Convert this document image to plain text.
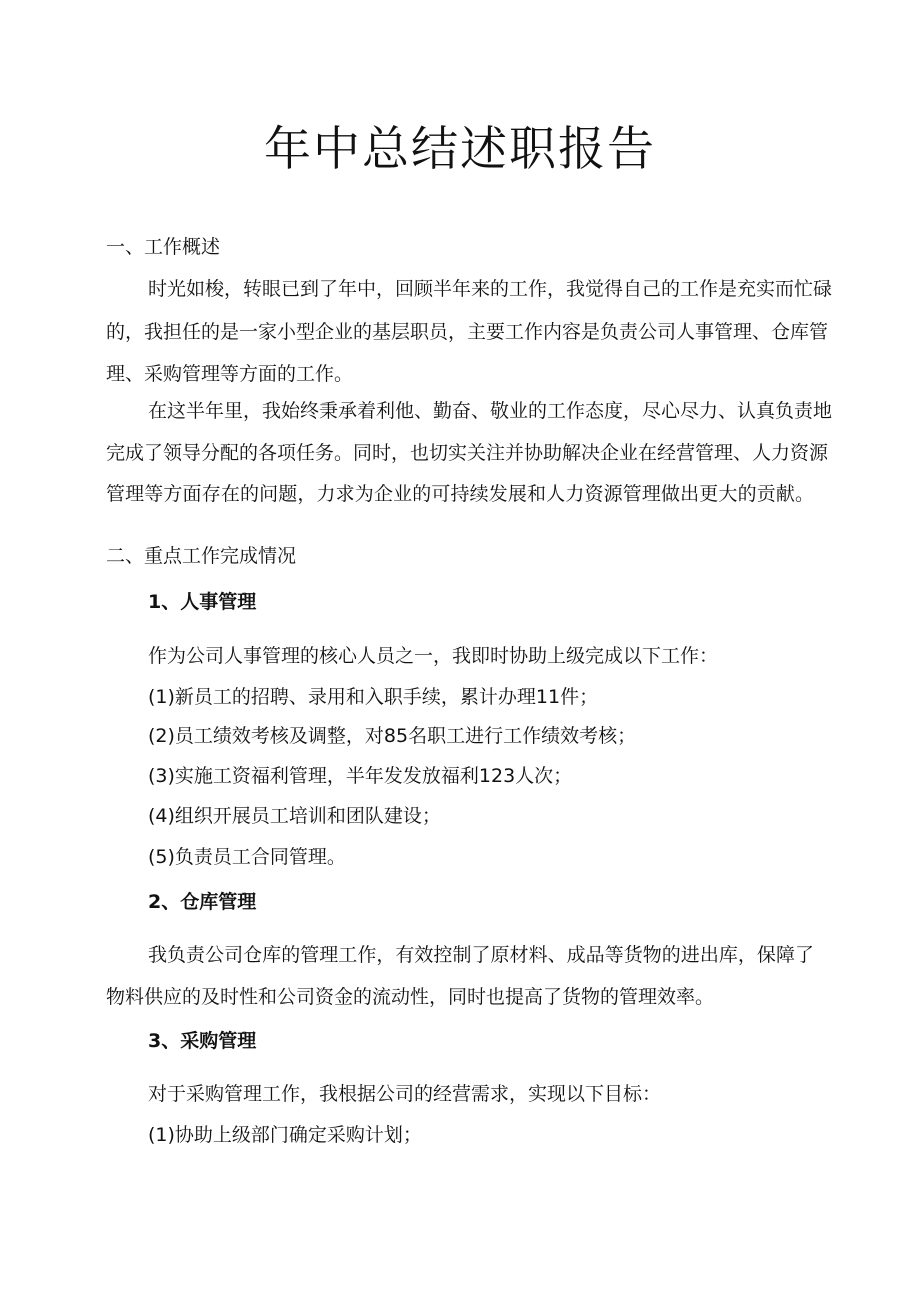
年中总结述职报告

一、工作概述

时光如梭，转眼已到了年中，回顾半年来的工作，我觉得自己的工作是充实而忙碌

的，我担任的是一家小型企业的基层职员，主要工作内容是负责公司人事管理、仓库管

理、采购管理等方面的工作。

在这半年里，我始终秉承着利他、勤奋、敬业的工作态度，尽心尽力、认真负责地

完成了领导分配的各项任务。同时，也切实关注并协助解决企业在经营管理、人力资源

管理等方面存在的问题，力求为企业的可持续发展和人力资源管理做出更大的贡献。

二、重点工作完成情况

1、人事管理

作为公司人事管理的核心人员之一，我即时协助上级完成以下工作：

(1)新员工的招聘、录用和入职手续，累计办理11件；

(2)员工绩效考核及调整，对85名职工进行工作绩效考核；

(3)实施工资福利管理，半年发发放福利123人次；

(4)组织开展员工培训和团队建设；

(5)负责员工合同管理。

2、仓库管理

我负责公司仓库的管理工作，有效控制了原材料、成品等货物的进出库，保障了

物料供应的及时性和公司资金的流动性，同时也提高了货物的管理效率。

3、采购管理

对于采购管理工作，我根据公司的经营需求，实现以下目标：

(1)协助上级部门确定采购计划；
